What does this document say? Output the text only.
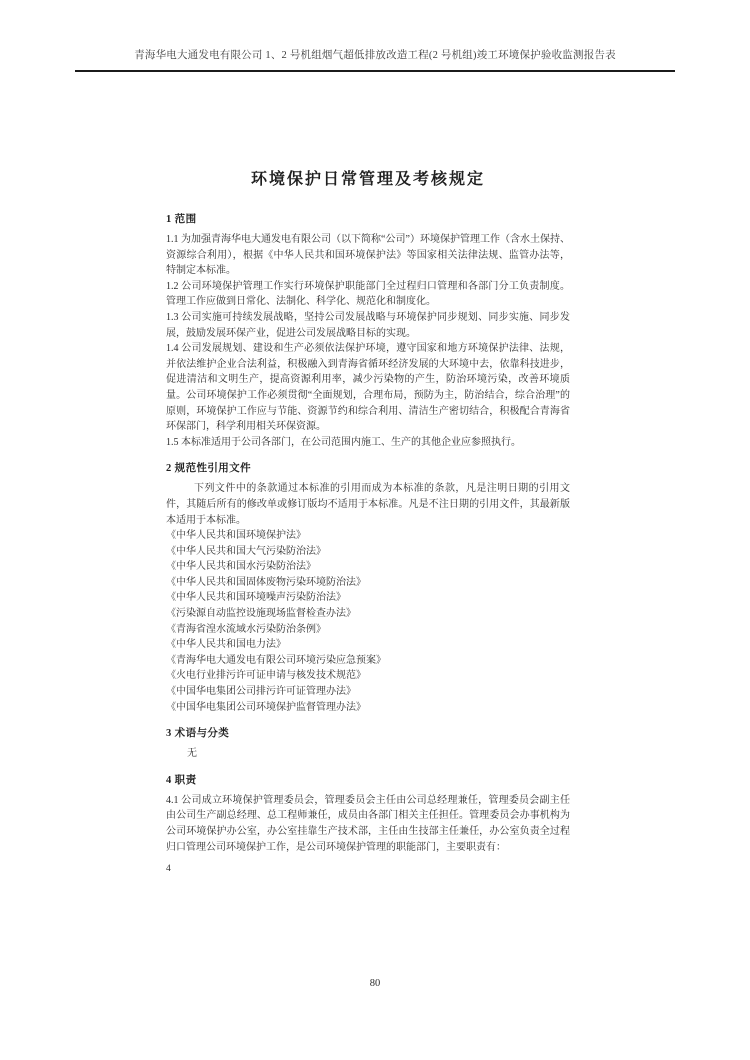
青海华电大通发电有限公司 1、2 号机组烟气超低排放改造工程(2 号机组)竣工环境保护验收监测报告表
环境保护日常管理及考核规定
1 范围

1.1 为加强青海华电大通发电有限公司（以下简称“公司”）环境保护管理工作（含水土保持、资源综合利用），根据《中华人民共和国环境保护法》等国家相关法律法规、监管办法等，特制定本标准。

1.2 公司环境保护管理工作实行环境保护职能部门全过程归口管理和各部门分工负责制度。管理工作应做到日常化、法制化、科学化、规范化和制度化。

1.3 公司实施可持续发展战略，坚持公司发展战略与环境保护同步规划、同步实施、同步发展，鼓励发展环保产业，促进公司发展战略目标的实现。

1.4 公司发展规划、建设和生产必须依法保护环境，遵守国家和地方环境保护法律、法规，并依法维护企业合法利益，积极融入到青海省循环经济发展的大环境中去，依靠科技进步，促进清洁和文明生产，提高资源利用率，减少污染物的产生，防治环境污染，改善环境质量。公司环境保护工作必须贯彻“全面规划，合理布局，预防为主，防治结合，综合治理”的原则，环境保护工作应与节能、资源节约和综合利用、清洁生产密切结合，积极配合青海省环保部门，科学利用相关环保资源。

1.5 本标准适用于公司各部门，在公司范围内施工、生产的其他企业应参照执行。

2 规范性引用文件

下列文件中的条款通过本标准的引用而成为本标准的条款，凡是注明日期的引用文件，其随后所有的修改单或修订版均不适用于本标准。凡是不注日期的引用文件，其最新版本适用于本标准。

《中华人民共和国环境保护法》
《中华人民共和国大气污染防治法》
《中华人民共和国水污染防治法》
《中华人民共和国固体废物污染环境防治法》
《中华人民共和国环境噪声污染防治法》
《污染源自动监控设施现场监督检查办法》
《青海省湟水流域水污染防治条例》
《中华人民共和国电力法》
《青海华电大通发电有限公司环境污染应急预案》
《火电行业排污许可证申请与核发技术规范》
《中国华电集团公司排污许可证管理办法》
《中国华电集团公司环境保护监督管理办法》
3 术语与分类
无
4 职责

4.1 公司成立环境保护管理委员会，管理委员会主任由公司总经理兼任，管理委员会副主任由公司生产副总经理、总工程师兼任，成员由各部门相关主任担任。管理委员会办事机构为公司环境保护办公室，办公室挂靠生产技术部，主任由生技部主任兼任，办公室负责全过程归口管理公司环境保护工作，是公司环境保护管理的职能部门，主要职责有：

4
80
